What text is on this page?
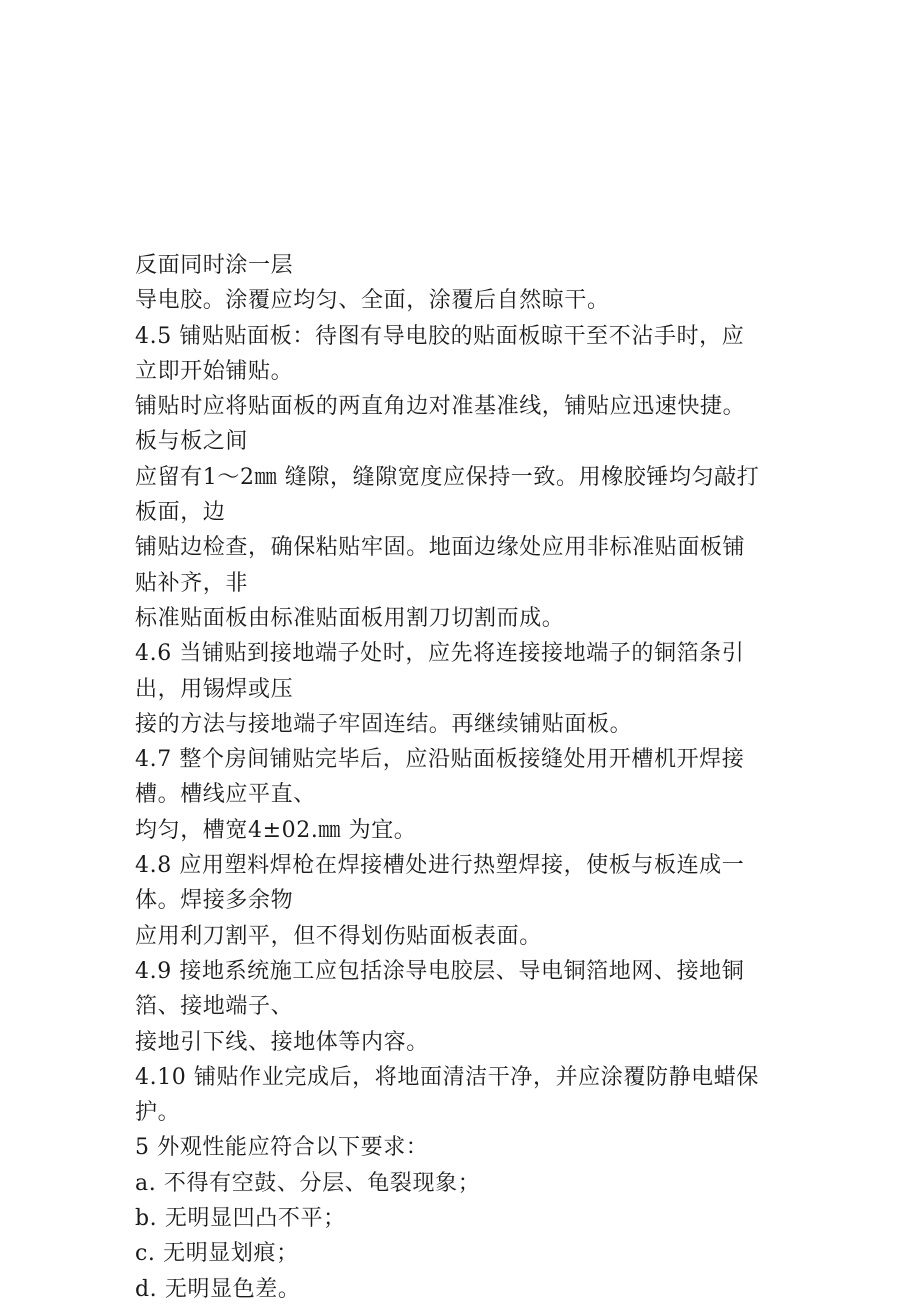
反面同时涂一层
导电胶。涂覆应均匀、全面，涂覆后自然晾干。
4.5 铺贴贴面板：待图有导电胶的贴面板晾干至不沾手时，应
立即开始铺贴。
铺贴时应将贴面板的两直角边对准基准线，铺贴应迅速快捷。
板与板之间
应留有1～2㎜ 缝隙，缝隙宽度应保持一致。用橡胶锤均匀敲打
板面，边
铺贴边检查，确保粘贴牢固。地面边缘处应用非标准贴面板铺
贴补齐，非
标准贴面板由标准贴面板用割刀切割而成。
4.6 当铺贴到接地端子处时，应先将连接接地端子的铜箔条引
出，用锡焊或压
接的方法与接地端子牢固连结。再继续铺贴面板。
4.7 整个房间铺贴完毕后，应沿贴面板接缝处用开槽机开焊接
槽。槽线应平直、
均匀，槽宽4±02.㎜ 为宜。
4.8 应用塑料焊枪在焊接槽处进行热塑焊接，使板与板连成一
体。焊接多余物
应用利刀割平，但不得划伤贴面板表面。
4.9 接地系统施工应包括涂导电胶层、导电铜箔地网、接地铜
箔、接地端子、
接地引下线、接地体等内容。
4.10 铺贴作业完成后，将地面清洁干净，并应涂覆防静电蜡保
护。
5 外观性能应符合以下要求：
a. 不得有空鼓、分层、龟裂现象；
b. 无明显凹凸不平；
c. 无明显划痕；
d. 无明显色差。
